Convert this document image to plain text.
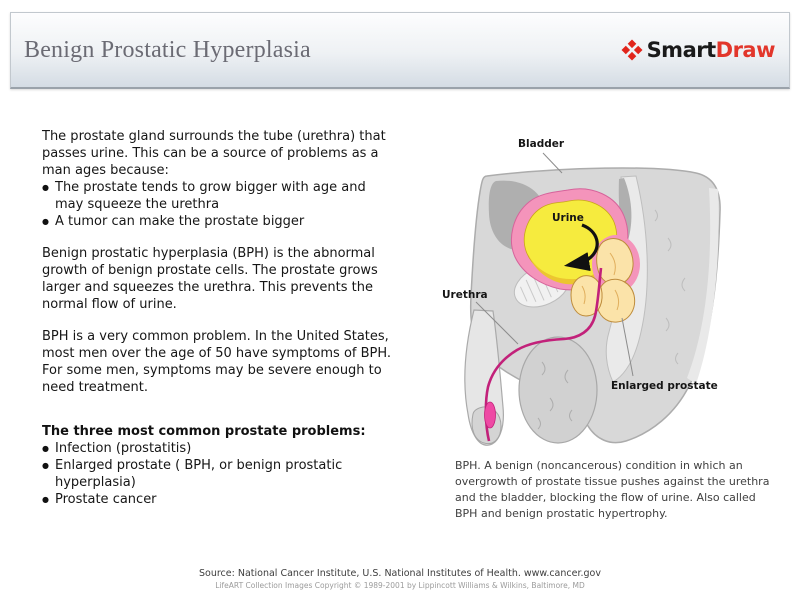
Benign Prostatic Hyperplasia	Smart Draw

The prostate gland surrounds the tube (urethra) that passes urine. This can be a source of problems as a man ages because:

● The prostate tends to grow bigger with age and may squeeze the urethra
● A tumor can make the prostate bigger

Benign prostatic hyperplasia (BPH) is the abnormal growth of benign prostate cells. The prostate grows larger and squeezes the urethra. This prevents the normal flow of urine.

BPH is a very common problem. In the United States, most men over the age of 50 have symptoms of BPH. For some men, symptoms may be severe enough to need treatment.

The three most common prostate problems:
● Infection (prostatitis)
● Enlarged prostate ( BPH, or benign prostatic hyperplasia)
● Prostate cancer
Bladder
Urine
Urethra
Enlarged prostate
BPH. A benign (noncancerous) condition in which an overgrowth of prostate tissue pushes against the urethra and the bladder, blocking the flow of urine. Also called BPH and benign prostatic hypertrophy.
Source: National Cancer Institute, U.S. National Institutes of Health. www.cancer.gov
LifeART Collection Images Copyright © 1989-2001 by Lippincott Williams & Wilkins, Baltimore, MD
